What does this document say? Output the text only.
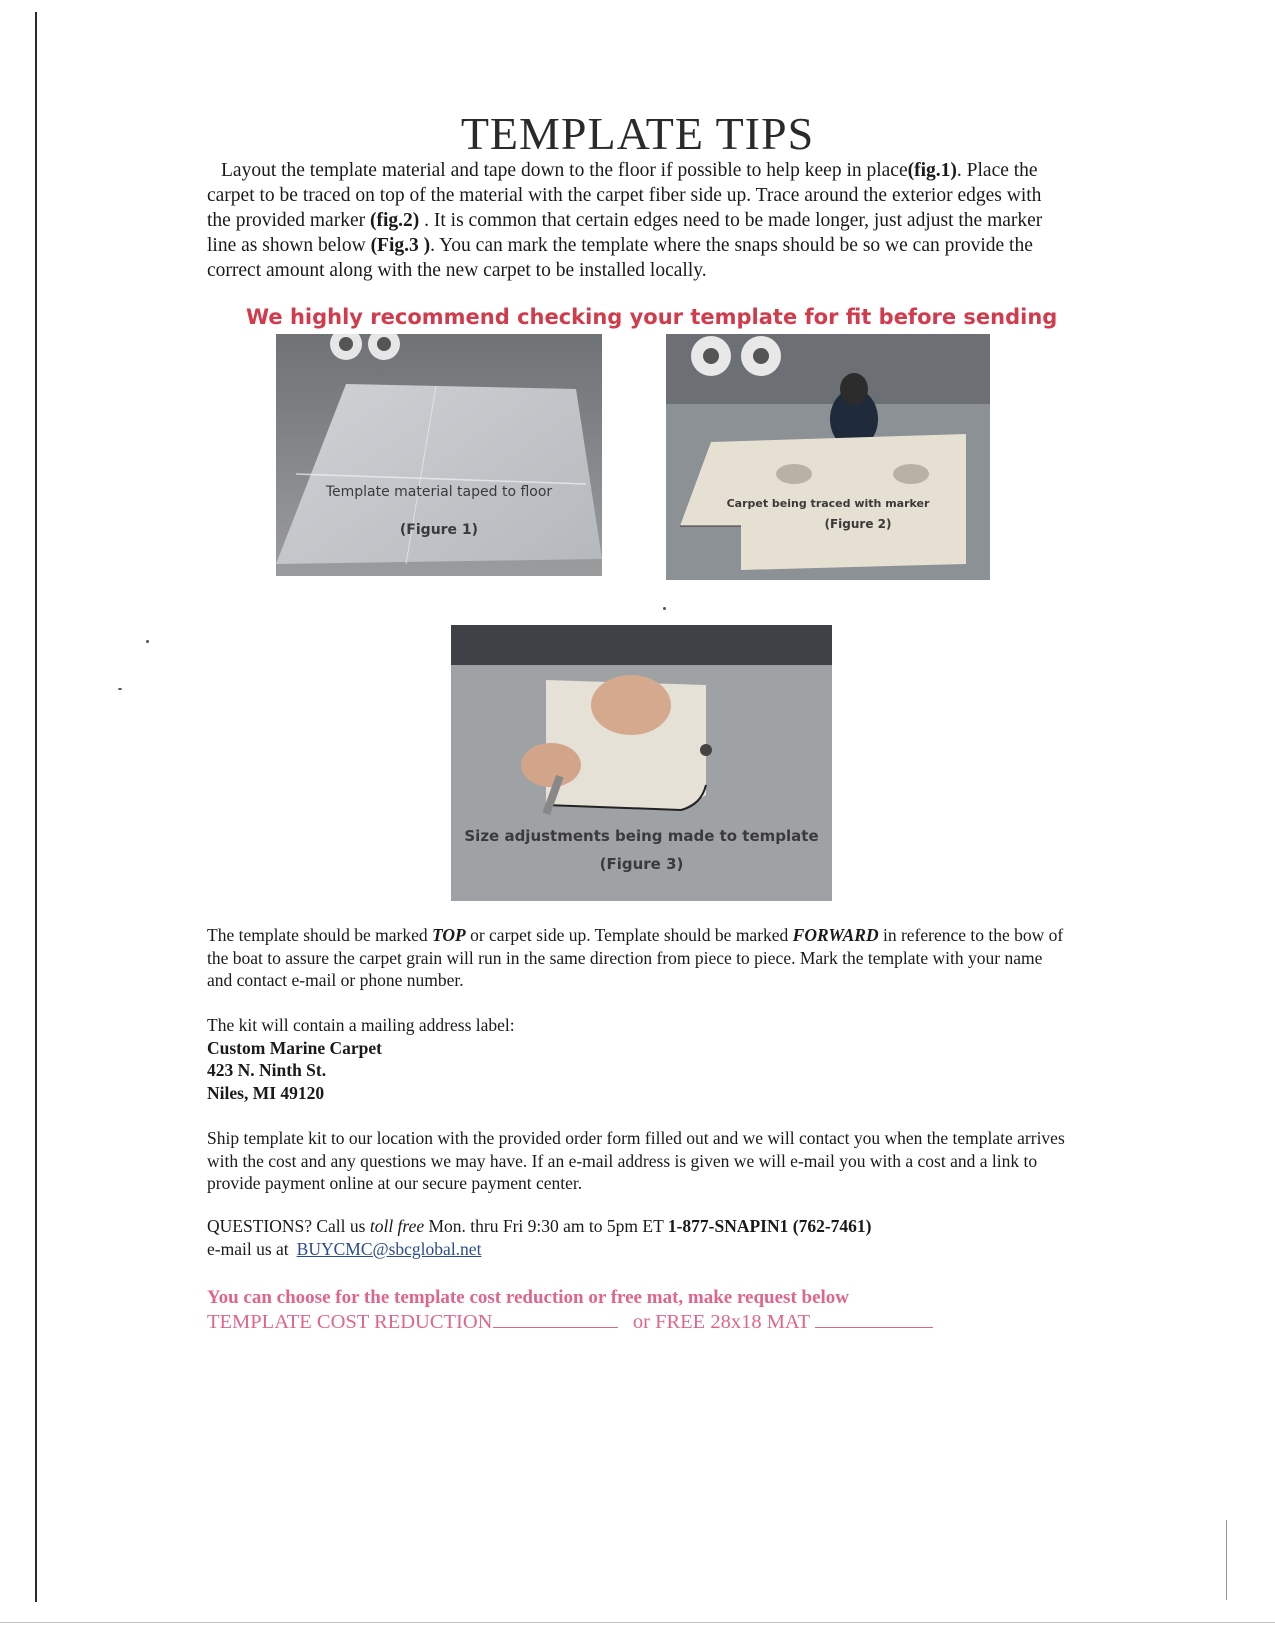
TEMPLATE TIPS

Layout the template material and tape down to the floor if possible to help keep in place(fig.1). Place the carpet to be traced on top of the material with the carpet fiber side up. Trace around the exterior edges with the provided marker (fig.2) . It is common that certain edges need to be made longer, just adjust the marker line as shown below (Fig.3 ). You can mark the template where the snaps should be so we can provide the correct amount along with the new carpet to be installed locally.

We highly recommend checking your template for fit before sending
Template material taped to floor
(Figure 1)
Carpet being traced with marker
(Figure 2)
Size adjustments being made to template
(Figure 3)

The template should be marked TOP or carpet side up. Template should be marked FORWARD in reference to the bow of the boat to assure the carpet grain will run in the same direction from piece to piece. Mark the template with your name and contact e-mail or phone number.

The kit will contain a mailing address label:
Custom Marine Carpet
423 N. Ninth St.
Niles, MI 49120

Ship template kit to our location with the provided order form filled out and we will contact you when the template arrives with the cost and any questions we may have. If an e-mail address is given we will e-mail you with a cost and a link to provide payment online at our secure payment center.

QUESTIONS? Call us toll free Mon. thru Fri 9:30 am to 5pm ET 1-877-SNAPIN1 (762-7461)
e-mail us at BUYCMC@sbcglobal.net

You can choose for the template cost reduction or free mat, make request below

TEMPLATE COST REDUCTION	or FREE 28x18 MAT
